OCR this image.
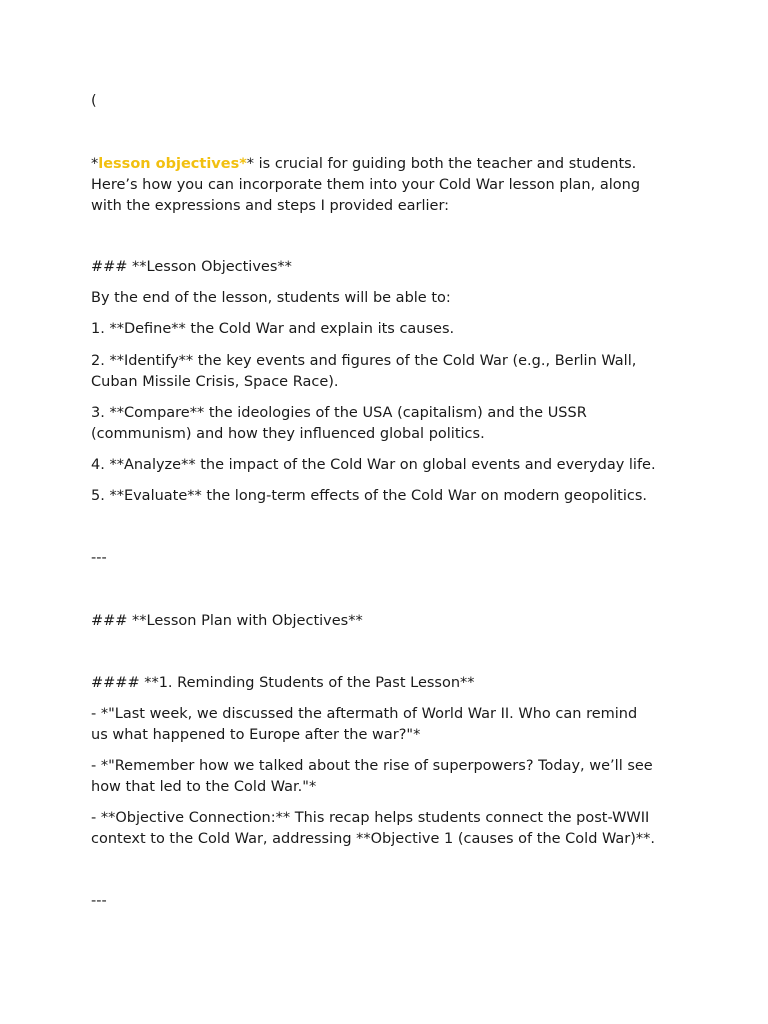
(

*lesson objectives** is crucial for guiding both the teacher and students.

Here’s how you can incorporate them into your Cold War lesson plan, along

with the expressions and steps I provided earlier:

### **Lesson Objectives**

By the end of the lesson, students will be able to:

1. **Define** the Cold War and explain its causes.

2. **Identify** the key events and figures of the Cold War (e.g., Berlin Wall,

Cuban Missile Crisis, Space Race).

3. **Compare** the ideologies of the USA (capitalism) and the USSR

(communism) and how they influenced global politics.

4. **Analyze** the impact of the Cold War on global events and everyday life.

5. **Evaluate** the long-term effects of the Cold War on modern geopolitics.

---

### **Lesson Plan with Objectives**

#### **1. Reminding Students of the Past Lesson**

- *"Last week, we discussed the aftermath of World War II. Who can remind

us what happened to Europe after the war?"*

- *"Remember how we talked about the rise of superpowers? Today, we’ll see

how that led to the Cold War."*

- **Objective Connection:** This recap helps students connect the post-WWII

context to the Cold War, addressing **Objective 1 (causes of the Cold War)**.

---
